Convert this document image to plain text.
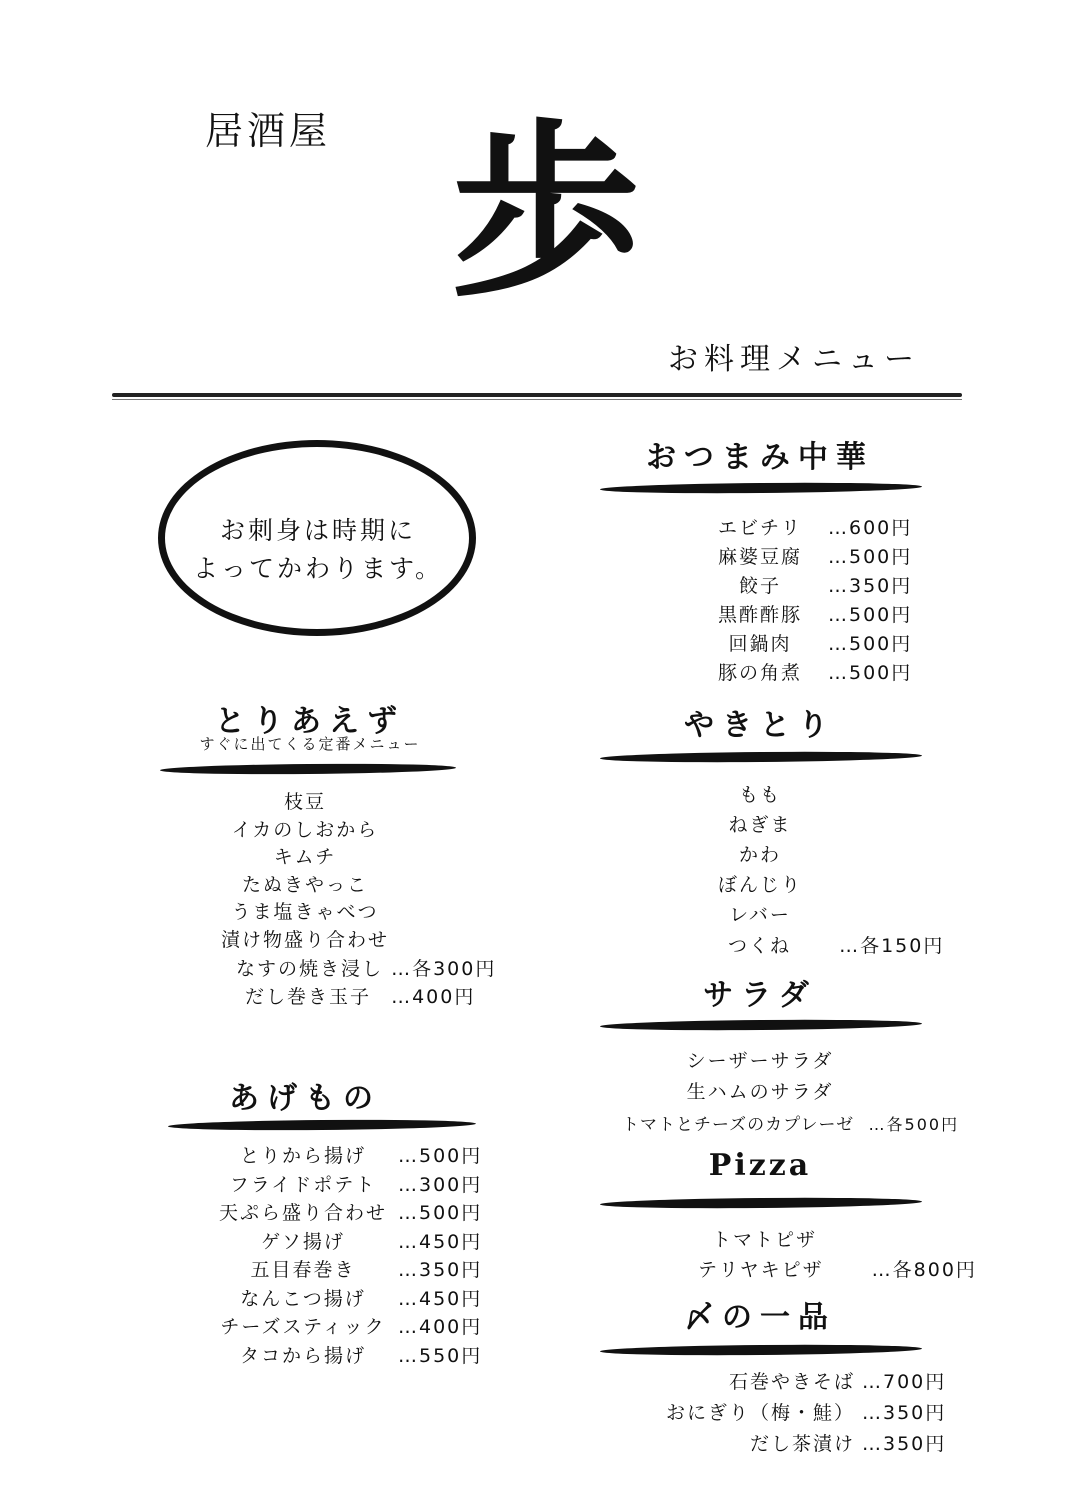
居酒屋 歩
お料理メニュー
お刺身は時期に
よってかわります。
とりあえず
すぐに出てくる定番メニュー
枝豆
イカのしおから
キムチ
たぬきやっこ
うま塩きゃべつ
漬け物盛り合わせ
なすの焼き浸し …各300円
だし巻き玉子 …400円
あげもの
とりから揚げ …500円
フライドポテト …300円
天ぷら盛り合わせ …500円
ゲソ揚げ	…450円
五目春巻き …350円
なんこつ揚げ …450円
チーズスティック …400円
タコから揚げ …550円
おつまみ中華
エビチリ …600円
麻婆豆腐 …500円
餃子 …350円
黒酢酢豚 …500円
回鍋肉 …500円
豚の角煮 …500円
やきとり
もも
ねぎま
かわ
ぼんじり
レバー
つくね	…各150円
サラダ
シーザーサラダ
生ハムのサラダ
トマトとチーズのカプレーゼ …各500円
Pizza
トマトピザ
テリヤキピザ	…各800円
〆の一品
石巻やきそば …700円
おにぎり（梅・鮭） …350円
だし茶漬け …350円
